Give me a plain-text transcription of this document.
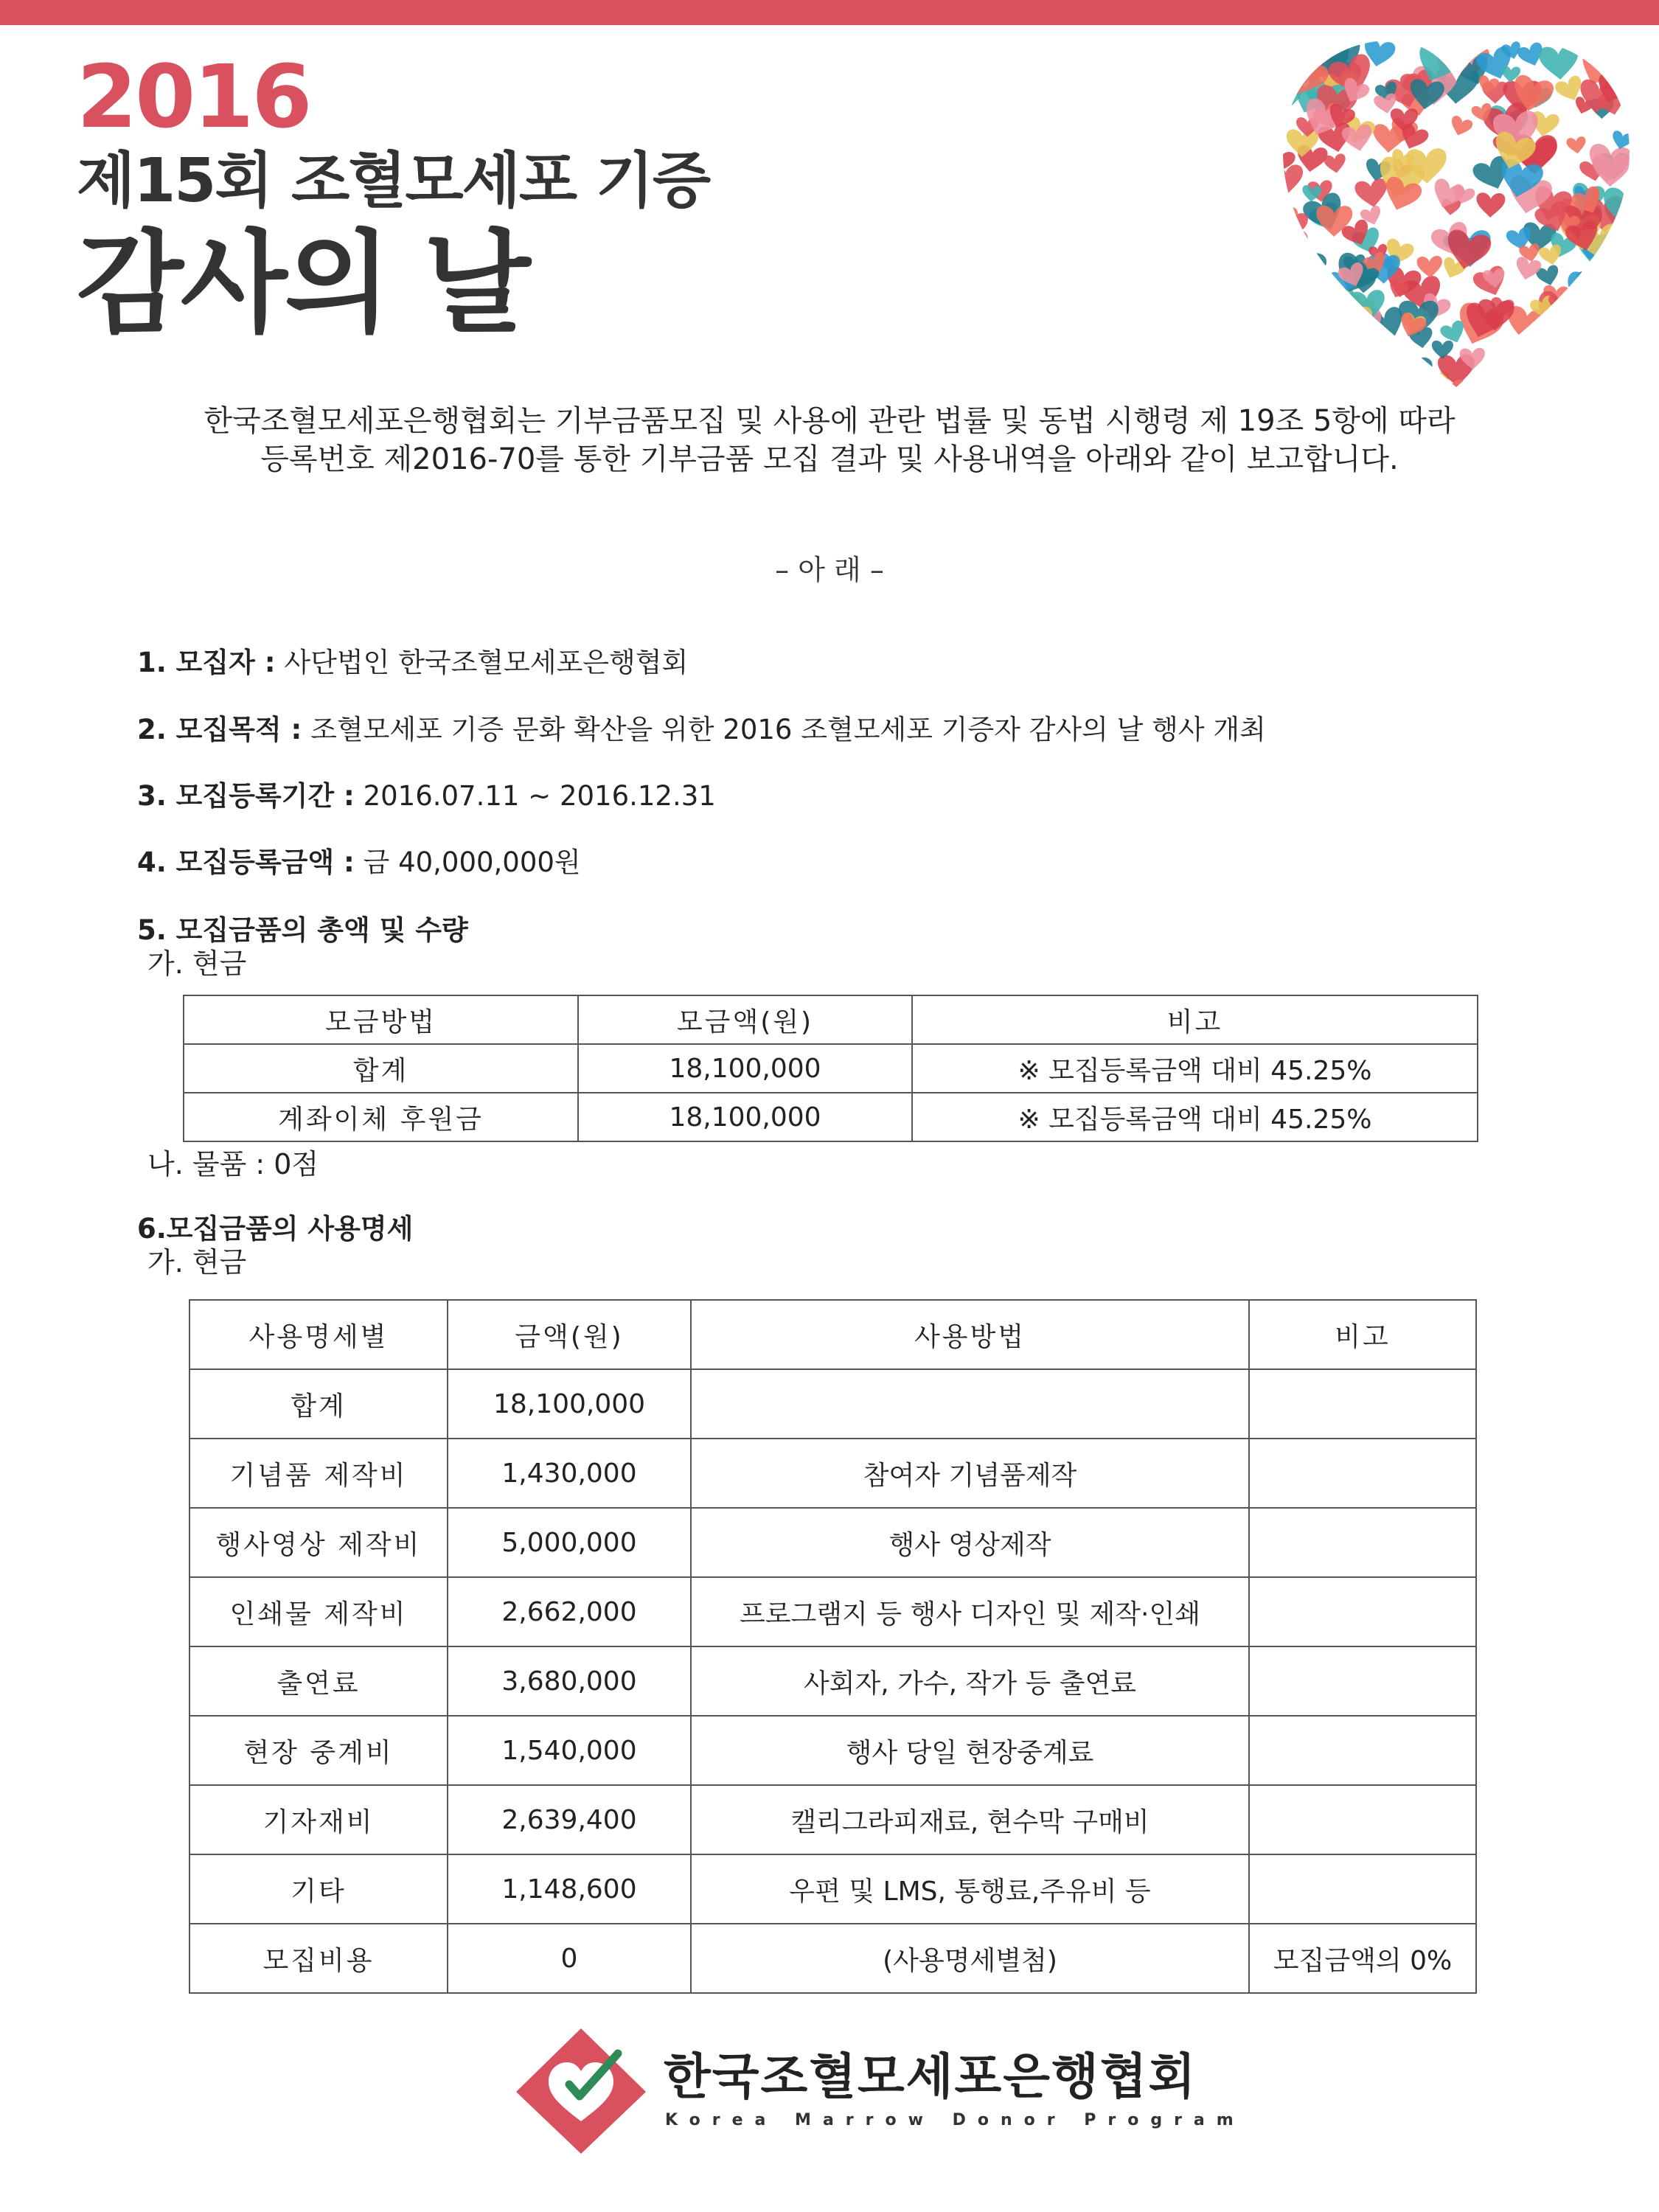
2016
제15회 조혈모세포 기증
감사의 날
한국조혈모세포은행협회는 기부금품모집 및 사용에 관란 법률 및 동법 시행령 제 19조 5항에 따라
등록번호 제2016-70를 통한 기부금품 모집 결과 및 사용내역을 아래와 같이 보고합니다.
– 아 래 –
1. 모집자 : 사단법인 한국조혈모세포은행협회
2. 모집목적 : 조혈모세포 기증 문화 확산을 위한 2016 조혈모세포 기증자 감사의 날 행사 개최
3. 모집등록기간 : 2016.07.11 ~ 2016.12.31
4. 모집등록금액 : 금 40,000,000원
5. 모집금품의 총액 및 수량
가. 현금
모금방법	모금액(원)	비고
합계	18,100,000	※ 모집등록금액 대비 45.25%
계좌이체 후원금	18,100,000	※ 모집등록금액 대비 45.25%
나. 물품 : 0점
6.모집금품의 사용명세
가. 현금
사용명세별	금액(원)	사용방법	비고
합계	18,100,000		
기념품 제작비	1,430,000	참여자 기념품제작	
행사영상 제작비	5,000,000	행사 영상제작	
인쇄물 제작비	2,662,000	프로그램지 등 행사 디자인 및 제작·인쇄	
출연료	3,680,000	사회자, 가수, 작가 등 출연료	
현장 중계비	1,540,000	행사 당일 현장중계료	
기자재비	2,639,400	캘리그라피재료, 현수막 구매비	
기타	1,148,600	우편 및 LMS, 통행료,주유비 등	
모집비용	0	(사용명세별첨)	모집금액의 0%
한국조혈모세포은행협회
Korea Marrow Donor Program
